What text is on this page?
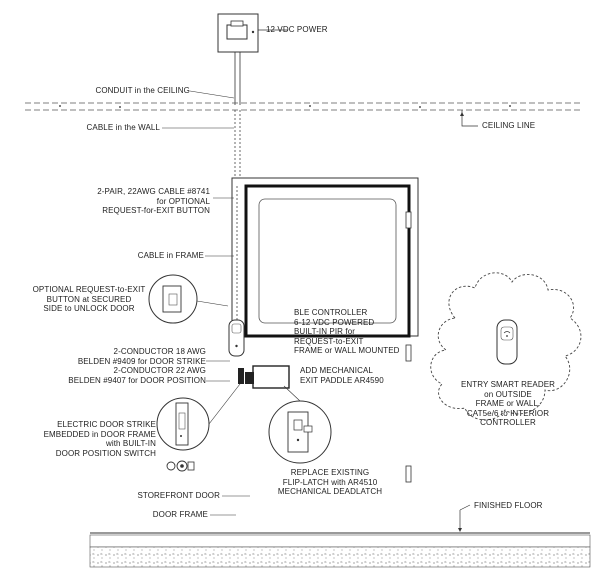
12 VDC POWER
CONDUIT in the CEILING
CABLE in the WALL	CEILING LINE
2-PAIR, 22AWG CABLE #8741
for OPTIONAL
REQUEST-for-EXIT BUTTON
CABLE in FRAME
OPTIONAL REQUEST-to-EXIT
BUTTON at SECURED
SIDE to UNLOCK DOOR	BLE CONTROLLER
6-12 VDC POWERED
BUILT-IN PIR for
REQUEST-to-EXIT
FRAME or WALL MOUNTED
2-CONDUCTOR 18 AWG
BELDEN #9409 for DOOR STRIKE
2-CONDUCTOR 22 AWG
BELDEN #9407 for DOOR POSITION
ADD MECHANICAL
EXIT PADDLE AR4590	ENTRY SMART READER
on OUTSIDE
FRAME or WALL.
CAT5e/6 to INTERIOR
CONTROLLER
ELECTRIC DOOR STRIKE
EMBEDDED in DOOR FRAME
with BUILT-IN
DOOR POSITION SWITCH
REPLACE EXISTING
FLIP-LATCH with AR4510
MECHANICAL DEADLATCH
STOREFRONT DOOR
DOOR FRAME
FINISHED FLOOR
